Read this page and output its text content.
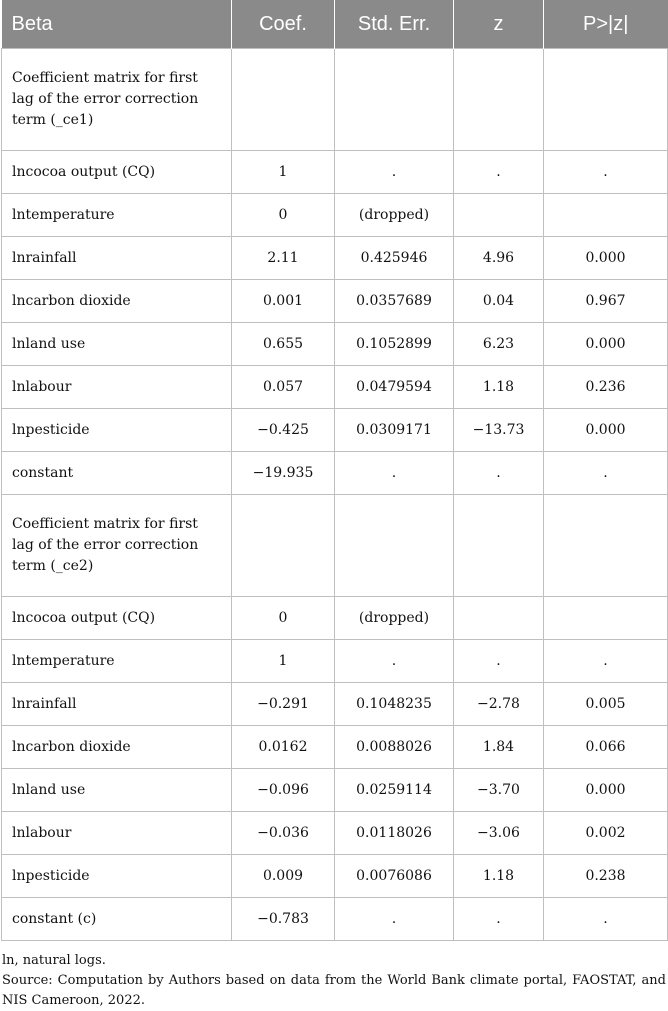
Beta	Coef.	Std. Err.	z	P>|z|
Coefficient matrix for first lag of the error correction term (_ce1)				
lncocoa output (CQ)	1	.	.	.
lntemperature	0	(dropped)		
lnrainfall	2.11	0.425946	4.96	0.000
lncarbon dioxide	0.001	0.0357689	0.04	0.967
lnland use	0.655	0.1052899	6.23	0.000
lnlabour	0.057	0.0479594	1.18	0.236
lnpesticide	−0.425	0.0309171	−13.73	0.000
constant	−19.935	.	.	.
Coefficient matrix for first lag of the error correction term (_ce2)				
lncocoa output (CQ)	0	(dropped)		
lntemperature	1	.	.	.
lnrainfall	−0.291	0.1048235	−2.78	0.005
lncarbon dioxide	0.0162	0.0088026	1.84	0.066
lnland use	−0.096	0.0259114	−3.70	0.000
lnlabour	−0.036	0.0118026	−3.06	0.002
lnpesticide	0.009	0.0076086	1.18	0.238
constant (c)	−0.783	.	.	.
ln, natural logs.
Source: Computation by Authors based on data from the World Bank climate portal, FAOSTAT, and NIS Cameroon, 2022.
